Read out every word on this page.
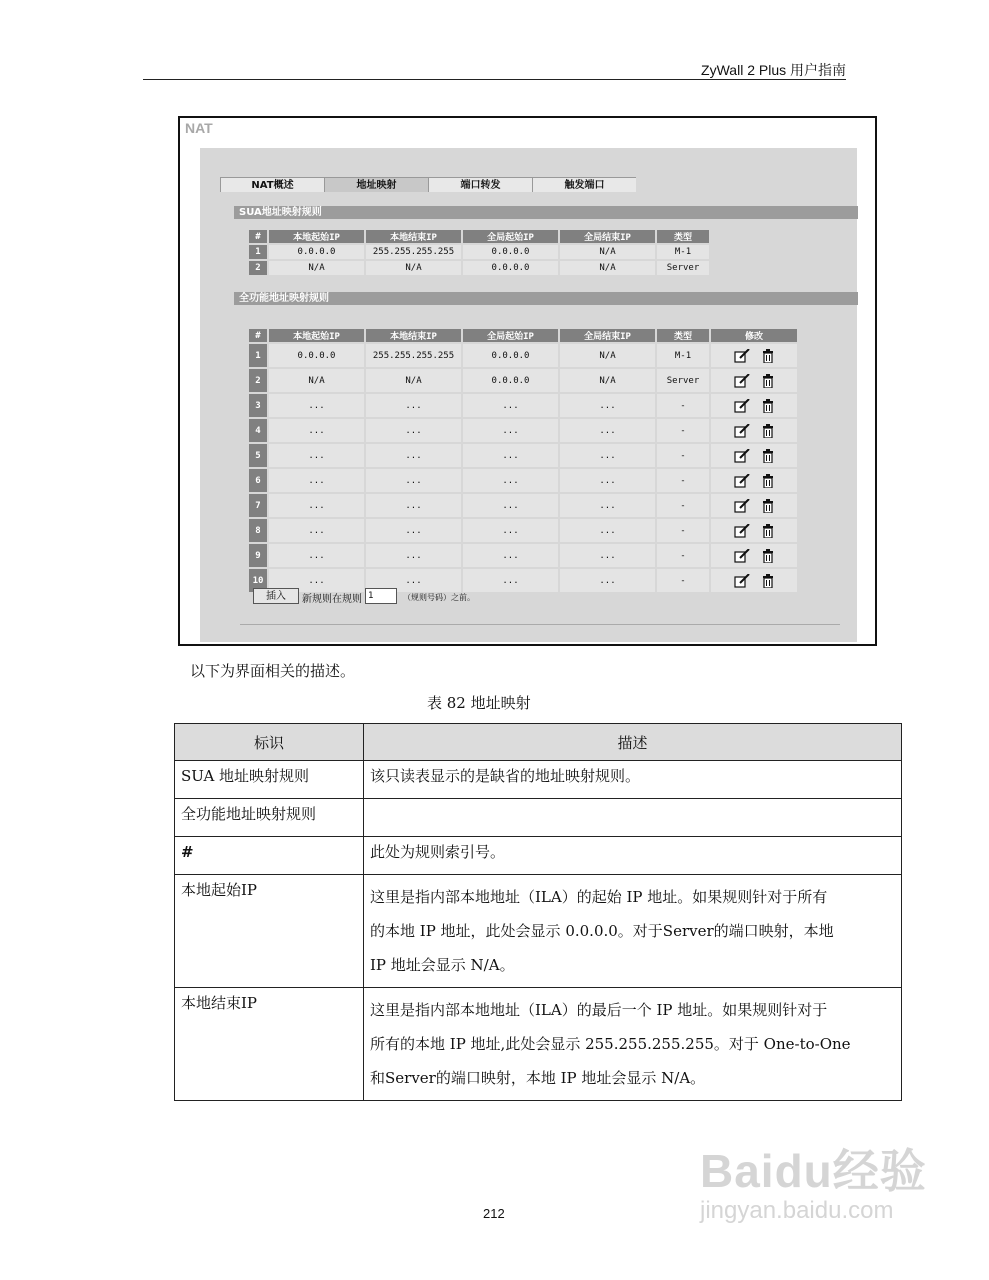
ZyWall 2 Plus 用户指南
NAT概述	地址映射	端口转发	触发端口
SUA地址映射规则
#	本地起始IP	本地结束IP	全局起始IP	全局结束IP	类型
1	0.0.0.0	255.255.255.255	0.0.0.0	N/A	M-1
2	N/A	N/A	0.0.0.0	N/A	Server
全功能地址映射规则
#	本地起始IP	本地结束IP	全局起始IP	全局结束IP	类型	修改
1	0.0.0.0	255.255.255.255	0.0.0.0	N/A	M-1	
2	N/A	N/A	0.0.0.0	N/A	Server	
3	...	...	...	...	-	
4	...	...	...	...	-	
5	...	...	...	...	-	
6	...	...	...	...	-	
7	...	...	...	...	-	
8	...	...	...	...	-	
9	...	...	...	...	-	
10	...	...	...	...	-	
NAT
插入	新规则在规则 1	（规则号码）之前。
以下为界面相关的描述。
表 82 地址映射
标识	描述
SUA 地址映射规则	该只读表显示的是缺省的地址映射规则。

全功能地址映射规则	

#	此处为规则索引号。

本地起始IP	这里是指内部本地地址（ILA）的起始 IP 地址。如果规则针对于所有

的本地 IP 地址，此处会显示 0.0.0.0。对于Server的端口映射，本地

IP 地址会显示 N/A。

本地结束IP	这里是指内部本地地址（ILA）的最后一个 IP 地址。如果规则针对于

所有的本地 IP 地址,此处会显示 255.255.255.255。对于 One-to-One

和Server的端口映射，本地 IP 地址会显示 N/A。

212
Baidu经验
jingyan.baidu.com
